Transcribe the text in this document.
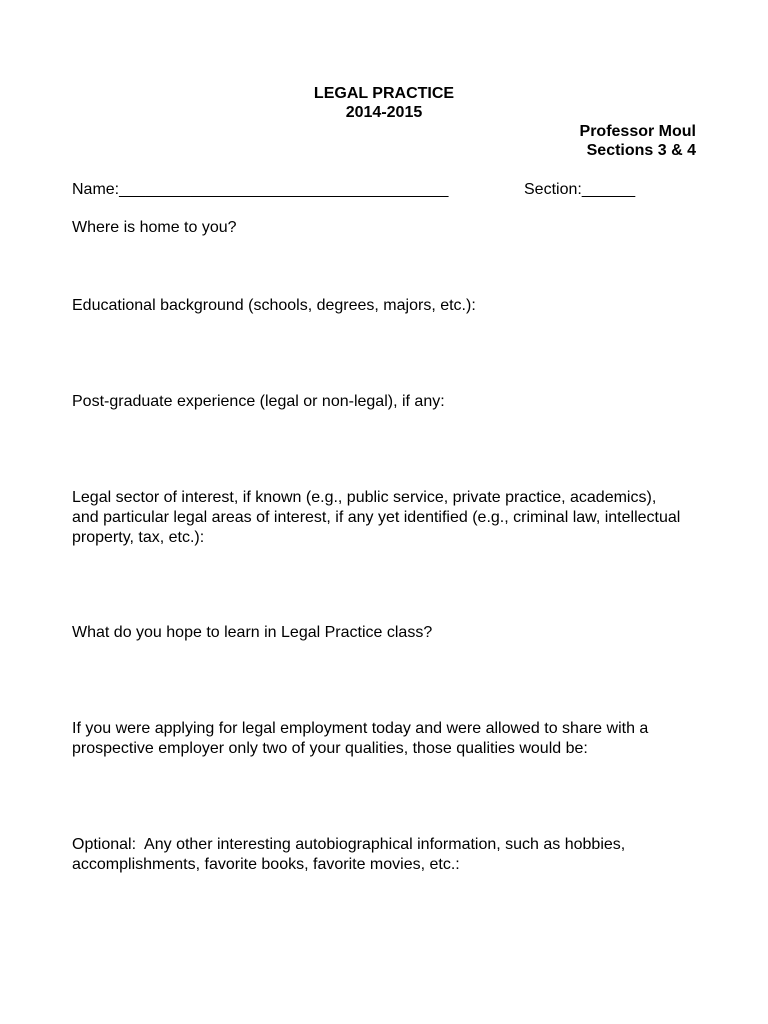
LEGAL PRACTICE
2014-2015
Professor Moul
Sections 3 & 4
Name:_____________________________________	Section:______
Where is home to you?
Educational background (schools, degrees, majors, etc.):
Post-graduate experience (legal or non-legal), if any:
Legal sector of interest, if known (e.g., public service, private practice, academics),
and particular legal areas of interest, if any yet identified (e.g., criminal law, intellectual
property, tax, etc.):
What do you hope to learn in Legal Practice class?
If you were applying for legal employment today and were allowed to share with a
prospective employer only two of your qualities, those qualities would be:
Optional:  Any other interesting autobiographical information, such as hobbies,
accomplishments, favorite books, favorite movies, etc.:
